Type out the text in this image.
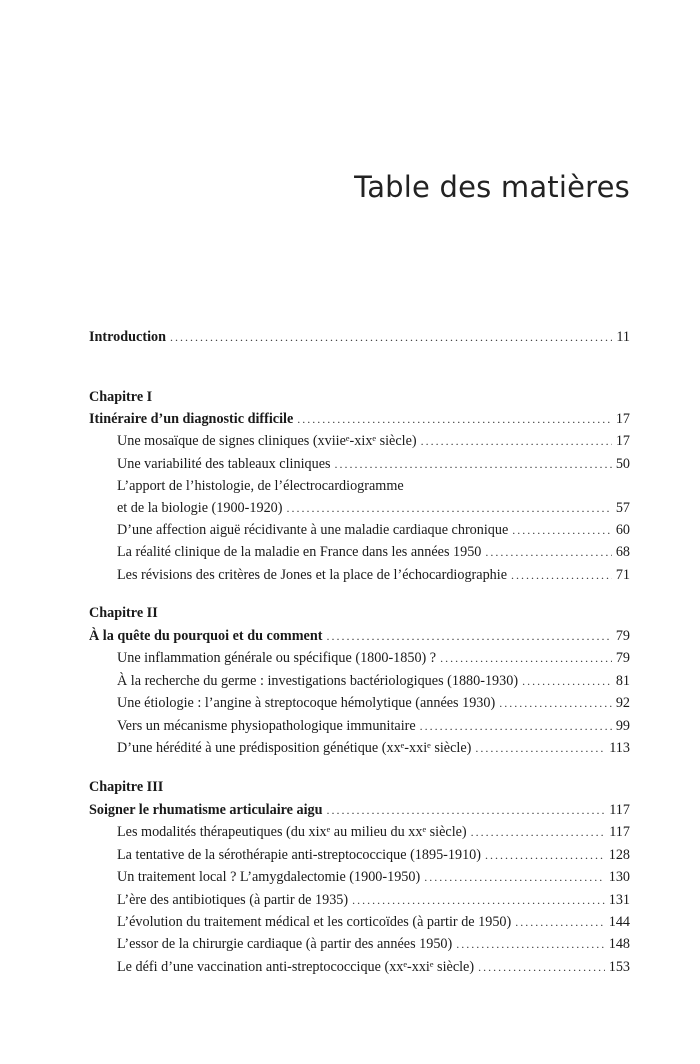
Table des matières
Introduction . . .	11
Chapitre I
Itinéraire d’un diagnostic difficile . . .	17
Une mosaïque de signes cliniques (xviieᵉ-xixᵉ siècle) . . .	17
Une variabilité des tableaux cliniques . . .	50
L’apport de l’histologie, de l’électrocardiogramme
et de la biologie (1900-1920) . . .	57
D’une affection aiguë récidivante à une maladie cardiaque chronique . . .	60
La réalité clinique de la maladie en France dans les années 1950 . . .	68
Les révisions des critères de Jones et la place de l’échocardiographie . . .	71
Chapitre II
À la quête du pourquoi et du comment . . .	79
Une inflammation générale ou spécifique (1800-1850) ? . . .	79
À la recherche du germe : investigations bactériologiques (1880-1930) . . .	81
Une étiologie : l’angine à streptocoque hémolytique (années 1930) . . .	92
Vers un mécanisme physiopathologique immunitaire . . .	99
D’une hérédité à une prédisposition génétique (xxᵉ-xxiᵉ siècle) . . .	113
Chapitre III
Soigner le rhumatisme articulaire aigu . . .	117
Les modalités thérapeutiques (du xixᵉ au milieu du xxᵉ siècle) . . .	117
La tentative de la sérothérapie anti-streptococcique (1895-1910) . . .	128
Un traitement local ? L’amygdalectomie (1900-1950) . . .	130
L’ère des antibiotiques (à partir de 1935) . . .	131
L’évolution du traitement médical et les corticoïdes (à partir de 1950) . . .	144
L’essor de la chirurgie cardiaque (à partir des années 1950) . . .	148
Le défi d’une vaccination anti-streptococcique (xxᵉ-xxiᵉ siècle) . . .	153
